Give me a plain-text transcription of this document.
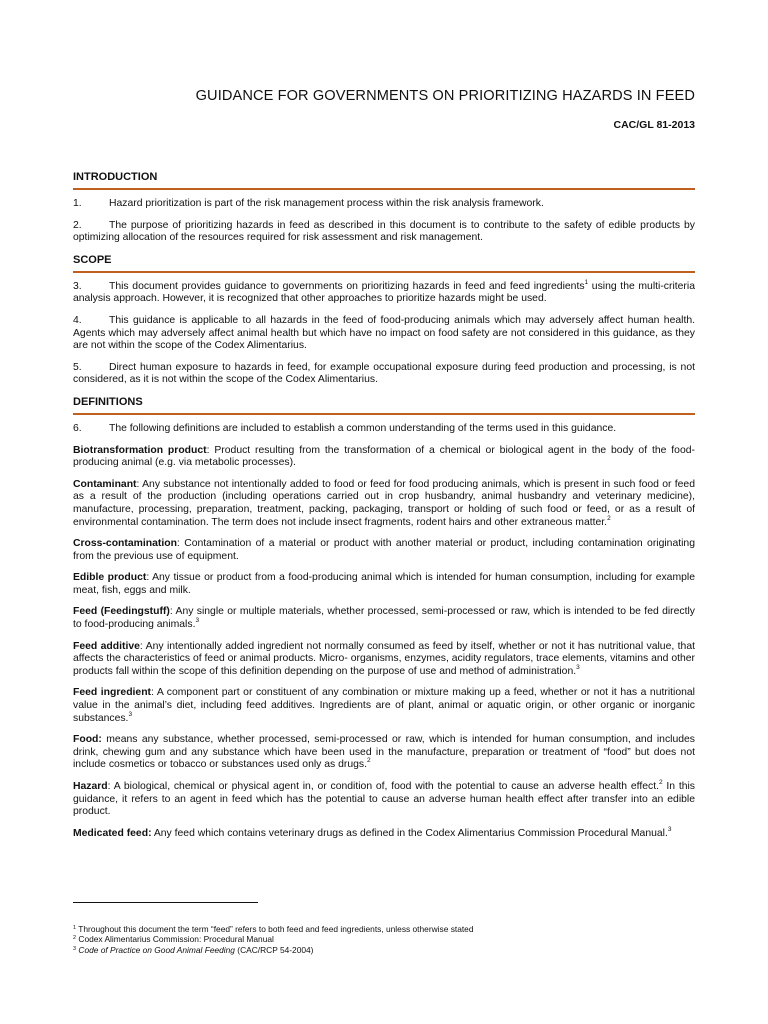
GUIDANCE FOR GOVERNMENTS ON PRIORITIZING HAZARDS IN FEED
CAC/GL 81-2013
INTRODUCTION

1.	Hazard prioritization is part of the risk management process within the risk analysis framework.

2.	The purpose of prioritizing hazards in feed as described in this document is to contribute to the safety of edible products by optimizing allocation of the resources required for risk assessment and risk management.

SCOPE

3.	This document provides guidance to governments on prioritizing hazards in feed and feed ingredients$^1$ using the multi-criteria analysis approach. However, it is recognized that other approaches to prioritize hazards might be used.

4.	This guidance is applicable to all hazards in the feed of food-producing animals which may adversely affect human health. Agents which may adversely affect animal health but which have no impact on food safety are not considered in this guidance, as they are not within the scope of the Codex Alimentarius.

5.	Direct human exposure to hazards in feed, for example occupational exposure during feed production and processing, is not considered, as it is not within the scope of the Codex Alimentarius.

DEFINITIONS

6.	The following definitions are included to establish a common understanding of the terms used in this guidance.

Biotransformation product: Product resulting from the transformation of a chemical or biological agent in the body of the food-producing animal (e.g. via metabolic processes).

Contaminant: Any substance not intentionally added to food or feed for food producing animals, which is present in such food or feed as a result of the production (including operations carried out in crop husbandry, animal husbandry and veterinary medicine), manufacture, processing, preparation, treatment, packing, packaging, transport or holding of such food or feed, or as a result of environmental contamination. The term does not include insect fragments, rodent hairs and other extraneous matter.$^2$

Cross-contamination: Contamination of a material or product with another material or product, including contamination originating from the previous use of equipment.

Edible product: Any tissue or product from a food-producing animal which is intended for human consumption, including for example meat, fish, eggs and milk.

Feed (Feedingstuff): Any single or multiple materials, whether processed, semi-processed or raw, which is intended to be fed directly to food-producing animals.$^3$

Feed additive: Any intentionally added ingredient not normally consumed as feed by itself, whether or not it has nutritional value, that affects the characteristics of feed or animal products. Micro- organisms, enzymes, acidity regulators, trace elements, vitamins and other products fall within the scope of this definition depending on the purpose of use and method of administration.$^3$

Feed ingredient: A component part or constituent of any combination or mixture making up a feed, whether or not it has a nutritional value in the animal’s diet, including feed additives. Ingredients are of plant, animal or aquatic origin, or other organic or inorganic substances.$^3$

Food: means any substance, whether processed, semi-processed or raw, which is intended for human consumption, and includes drink, chewing gum and any substance which have been used in the manufacture, preparation or treatment of “food” but does not include cosmetics or tobacco or substances used only as drugs.$^2$

Hazard: A biological, chemical or physical agent in, or condition of, food with the potential to cause an adverse health effect.$^2$ In this guidance, it refers to an agent in feed which has the potential to cause an adverse human health effect after transfer into an edible product.

Medicated feed: Any feed which contains veterinary drugs as defined in the Codex Alimentarius Commission Procedural Manual.$^3$

$^1$ Throughout this document the term “feed” refers to both feed and feed ingredients, unless otherwise stated
$^2$ Codex Alimentarius Commission: Procedural Manual
$^3$ Code of Practice on Good Animal Feeding (CAC/RCP 54-2004)
